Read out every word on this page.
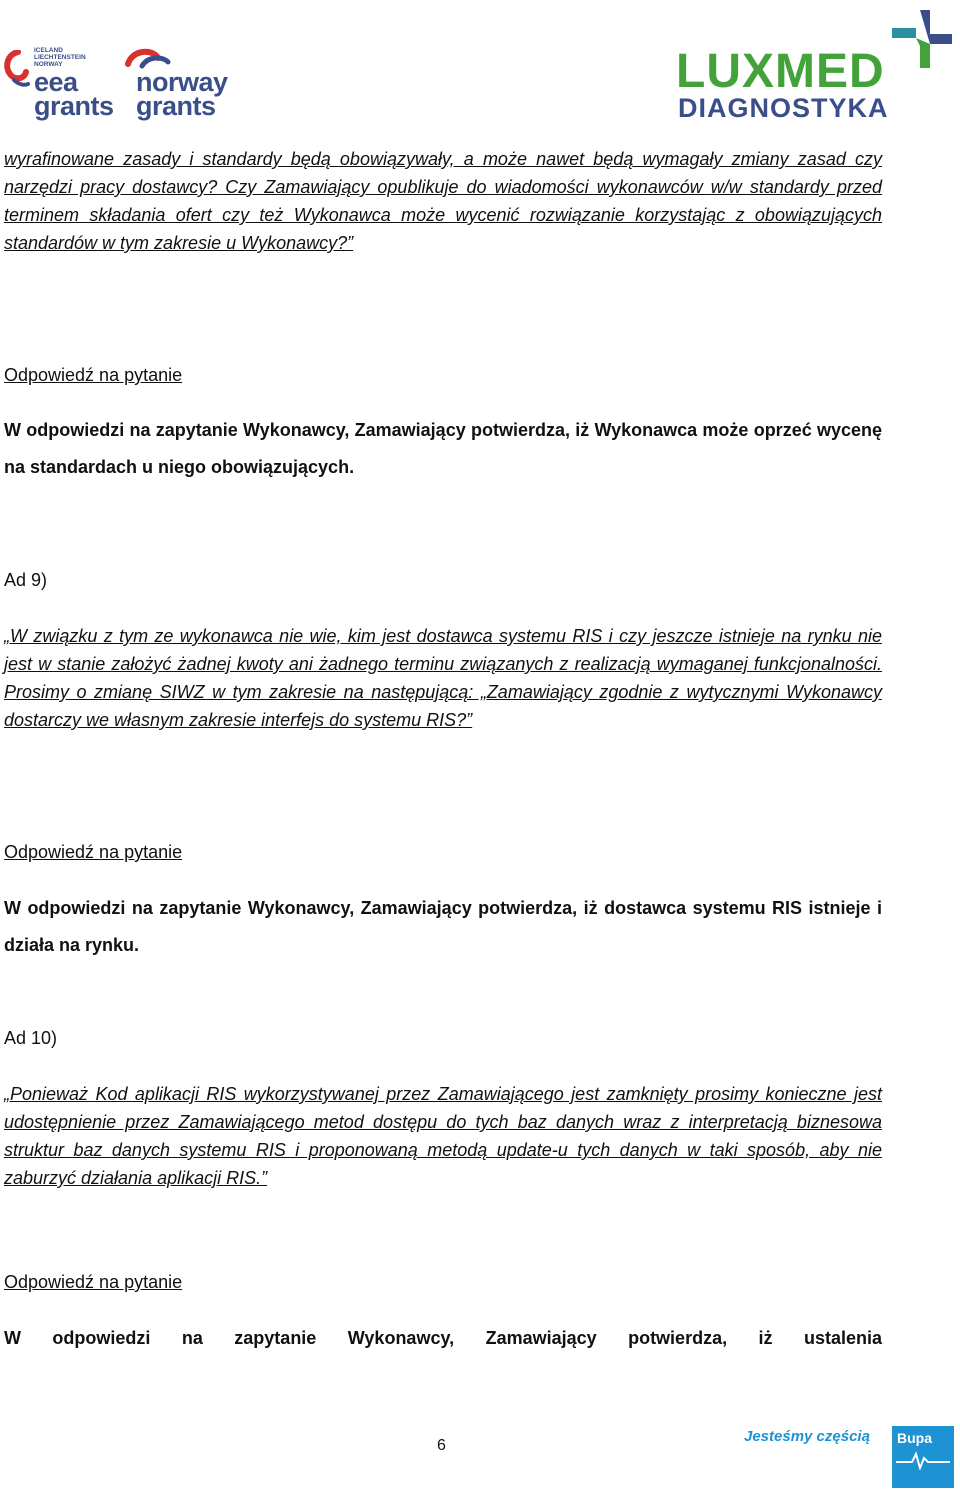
ICELAND
LIECHTENSTEIN
NORWAY
eea
grants
norway
grants
LUXMED
DIAGNOSTYKA
wyrafinowane zasady i standardy będą obowiązywały, a może nawet będą wymagały zmiany zasad czy narzędzi pracy dostawcy? Czy Zamawiający opublikuje do wiadomości wykonawców w/w standardy przed terminem składania ofert czy też Wykonawca może wycenić rozwiązanie korzystając z obowiązujących standardów w tym zakresie u Wykonawcy?”
Odpowiedź na pytanie
W odpowiedzi na zapytanie Wykonawcy, Zamawiający potwierdza, iż Wykonawca może oprzeć wycenę na standardach u niego obowiązujących.
Ad 9)
„W związku z tym ze wykonawca nie wie, kim jest dostawca systemu RIS i czy jeszcze istnieje na rynku nie jest w stanie założyć żadnej kwoty ani żadnego terminu związanych z realizacją wymaganej funkcjonalności. Prosimy o zmianę SIWZ w tym zakresie na następującą: „Zamawiający zgodnie z wytycznymi Wykonawcy dostarczy we własnym zakresie interfejs do systemu RIS?”
Odpowiedź na pytanie
W odpowiedzi na zapytanie Wykonawcy, Zamawiający potwierdza, iż dostawca systemu RIS istnieje i działa na rynku.
Ad 10)
„Ponieważ Kod aplikacji RIS wykorzystywanej przez Zamawiającego jest zamknięty prosimy konieczne jest udostępnienie przez Zamawiającego metod dostępu do tych baz danych wraz z interpretacją biznesowa struktur baz danych systemu RIS i proponowaną metodą update-u tych danych w taki sposób, aby nie zaburzyć działania aplikacji RIS.”
Odpowiedź na pytanie
W odpowiedzi na zapytanie Wykonawcy, Zamawiający potwierdza, iż ustalenia
6
Jesteśmy częścią Bupa
